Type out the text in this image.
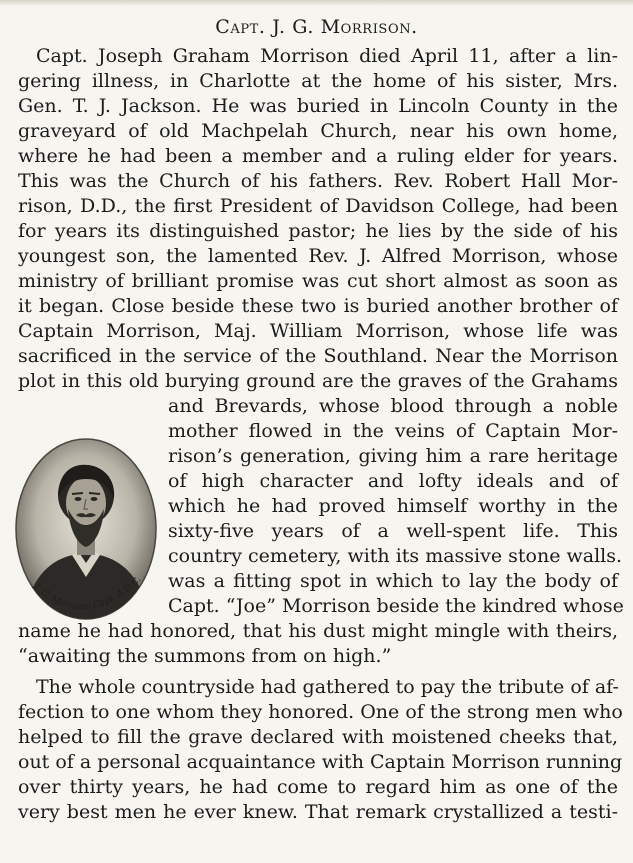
Capt. J. G. Morrison.
Capt. Joseph Graham Morrison died April 11, after a lin-
gering illness, in Charlotte at the home of his sister, Mrs.
Gen. T. J. Jackson. He was buried in Lincoln County in the
graveyard of old Machpelah Church, near his own home,
where he had been a member and a ruling elder for years.
This was the Church of his fathers. Rev. Robert Hall Mor-
rison, D.D., the first President of Davidson College, had been
for years its distinguished pastor; he lies by the side of his
youngest son, the lamented Rev. J. Alfred Morrison, whose
ministry of brilliant promise was cut short almost as soon as
it began. Close beside these two is buried another brother of
Captain Morrison, Maj. William Morrison, whose life was
sacrificed in the service of the Southland. Near the Morrison
plot in this old burying ground are the graves of the Grahams
and Brevards, whose blood through a noble
mother flowed in the veins of Captain Mor-
rison’s generation, giving him a rare heritage
of high character and lofty ideals and of
which he had proved himself worthy in the
sixty-five years of a well-spent life. This
country cemetery, with its massive stone walls.
was a fitting spot in which to lay the body of
Capt. “Joe” Morrison beside the kindred whose
name he had honored, that his dust might mingle with theirs,
“awaiting the summons from on high.”
The whole countryside had gathered to pay the tribute of af-
fection to one whom they honored. One of the strong men who
helped to fill the grave declared with moistened cheeks that,
out of a personal acquaintance with Captain Morrison running
over thirty years, he had come to regard him as one of the
very best men he ever knew. That remark crystallized a testi-
J. G. Morrison Capt. A.D.C.
